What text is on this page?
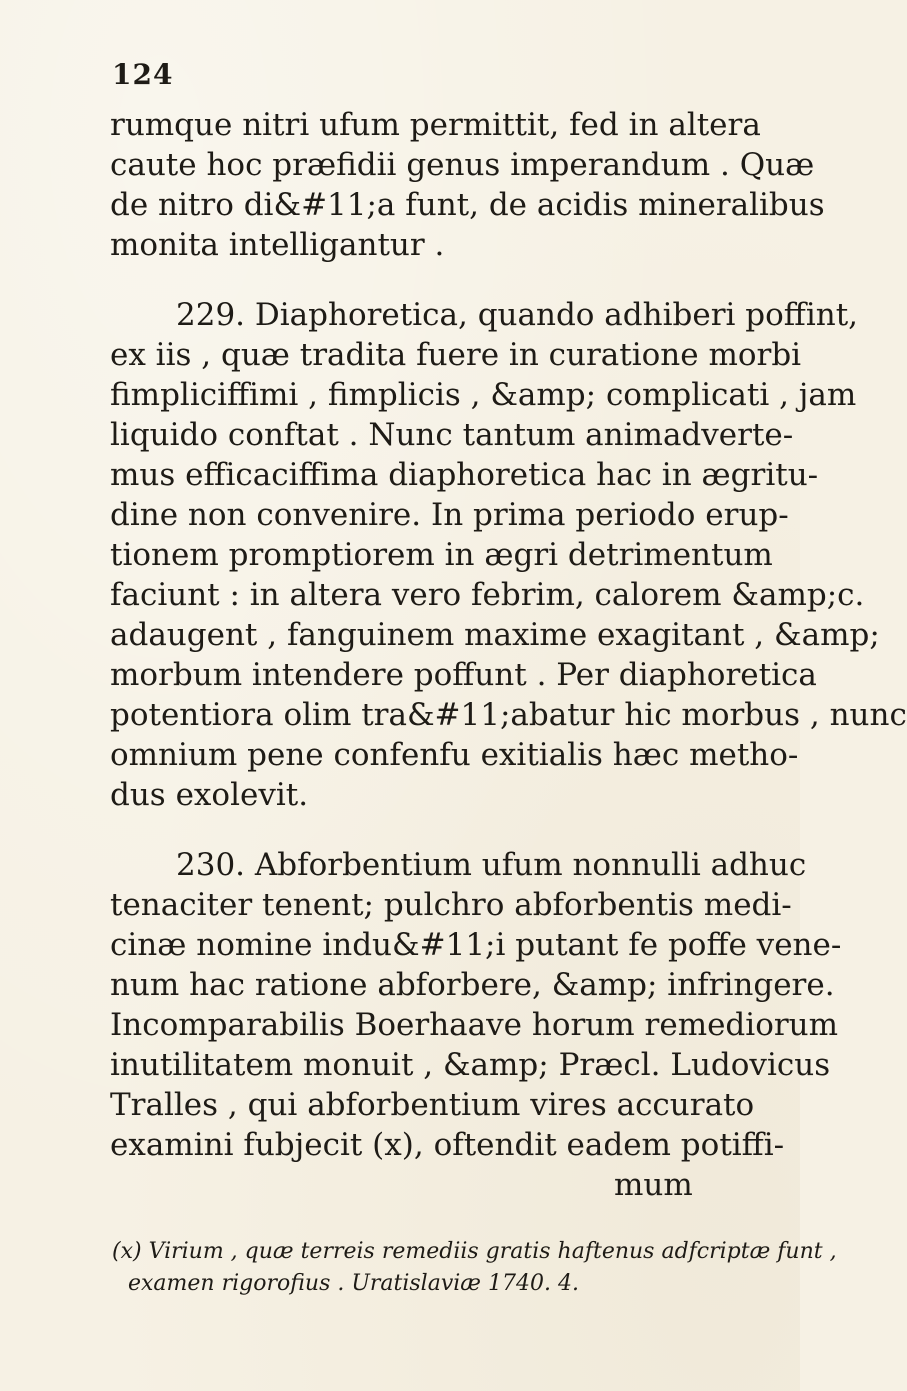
124
rumque nitri ufum permittit, fed in altera
caute hoc præfidii genus imperandum . Quæ
de nitro di&#11;a funt, de acidis mineralibus
monita intelligantur .
229. Diaphoretica, quando adhiberi poffint,
ex iis , quæ tradita fuere in curatione morbi
fimpliciffimi , fimplicis , &amp; complicati , jam
liquido conftat . Nunc tantum animadverte-
mus efficaciffima diaphoretica hac in ægritu-
dine non convenire. In prima periodo erup-
tionem promptiorem in ægri detrimentum
faciunt : in altera vero febrim, calorem &amp;c.
adaugent , fanguinem maxime exagitant , &amp;
morbum intendere poffunt . Per diaphoretica
potentiora olim tra&#11;abatur hic morbus , nunc
omnium pene confenfu exitialis hæc metho-
dus exolevit.
230. Abforbentium ufum nonnulli adhuc
tenaciter tenent; pulchro abforbentis medi-
cinæ nomine indu&#11;i putant fe poffe vene-
num hac ratione abforbere, &amp; infringere.
Incomparabilis Boerhaave horum remediorum
inutilitatem monuit , &amp; Præcl. Ludovicus
Tralles , qui abforbentium vires accurato
examini fubjecit (x), oftendit eadem potiffi-
mum
(x) Virium , quæ terreis remediis gratis haftenus adfcriptæ funt ,
examen rigorofius . Uratislaviæ 1740. 4.
